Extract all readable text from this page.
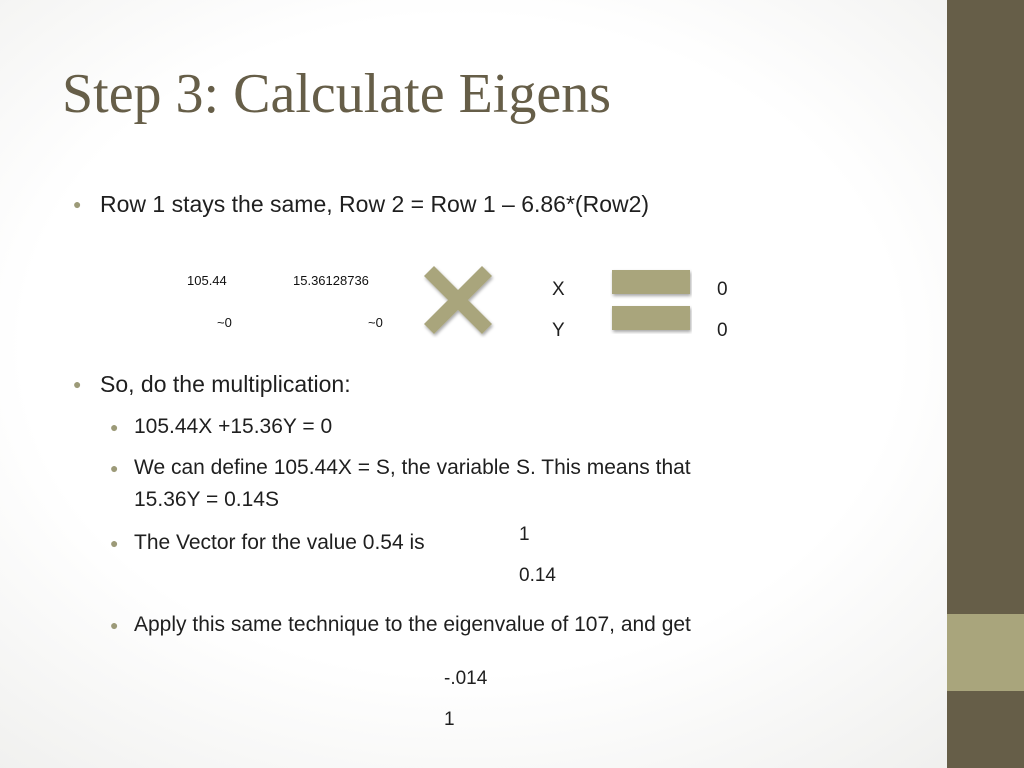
Step 3: Calculate Eigens
● Row 1 stays the same, Row 2 = Row 1 – 6.86*(Row2)
105.44	15.36128736
~0	~0
X
Y
0
0
● So, do the multiplication:
● 105.44X +15.36Y = 0
● We can define 105.44X = S, the variable S. This means that
15.36Y = 0.14S
● The Vector for the value 0.54 is	1
0.14
● Apply this same technique to the eigenvalue of 107, and get
-.014
1
